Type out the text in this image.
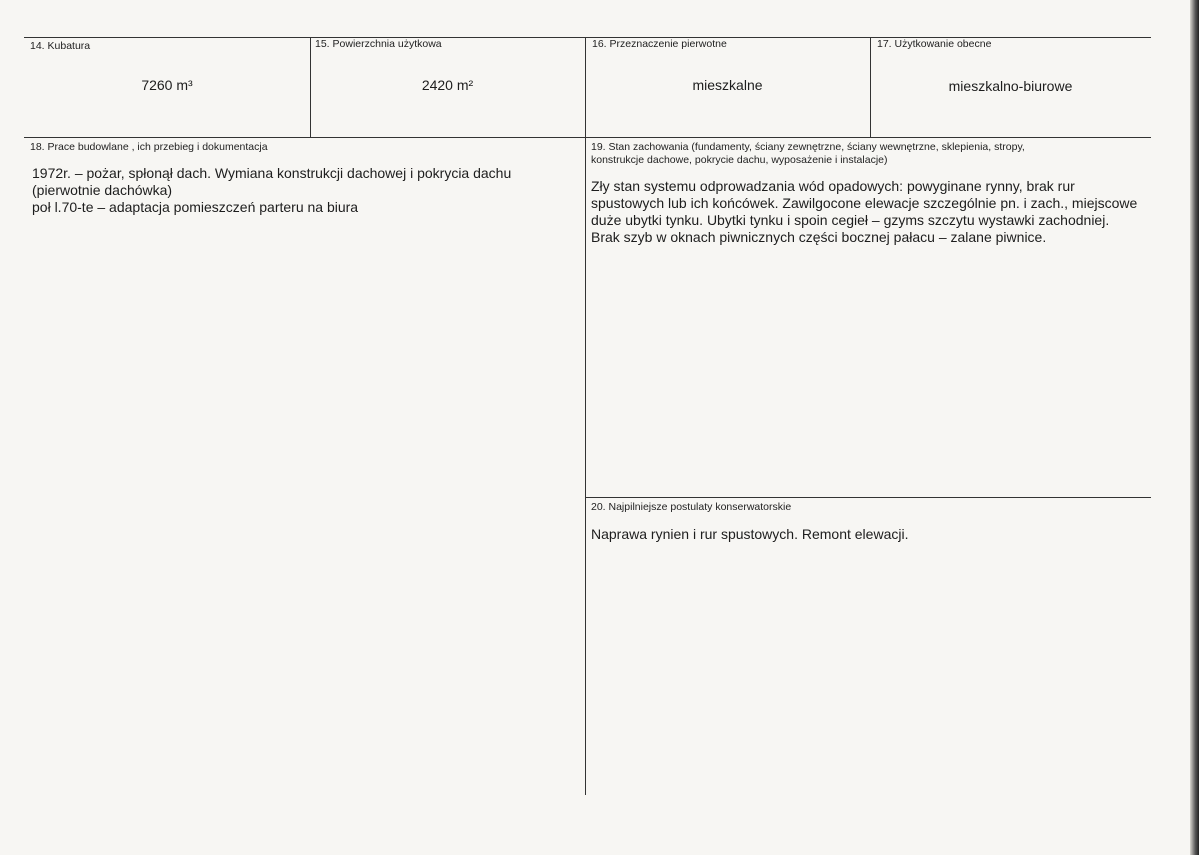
14. Kubatura
7260 m³
15. Powierzchnia użytkowa
2420 m²
16. Przeznaczenie pierwotne
mieszkalne
17. Użytkowanie obecne
mieszkalno-biurowe
18. Prace budowlane , ich przebieg i dokumentacja
1972r. – pożar, spłonął dach. Wymiana konstrukcji dachowej i pokrycia dachu
(pierwotnie dachówka)
poł l.70-te – adaptacja pomieszczeń parteru na biura
19. Stan zachowania (fundamenty, ściany zewnętrzne, ściany wewnętrzne, sklepienia, stropy,
konstrukcje dachowe, pokrycie dachu, wyposażenie i instalacje)
Zły stan systemu odprowadzania wód opadowych: powyginane rynny, brak rur
spustowych lub ich końcówek. Zawilgocone elewacje szczególnie pn. i zach., miejscowe
duże ubytki tynku. Ubytki tynku i spoin cegieł – gzyms szczytu wystawki zachodniej.
Brak szyb w oknach piwnicznych części bocznej pałacu – zalane piwnice.
20. Najpilniejsze postulaty konserwatorskie
Naprawa rynien i rur spustowych. Remont elewacji.
